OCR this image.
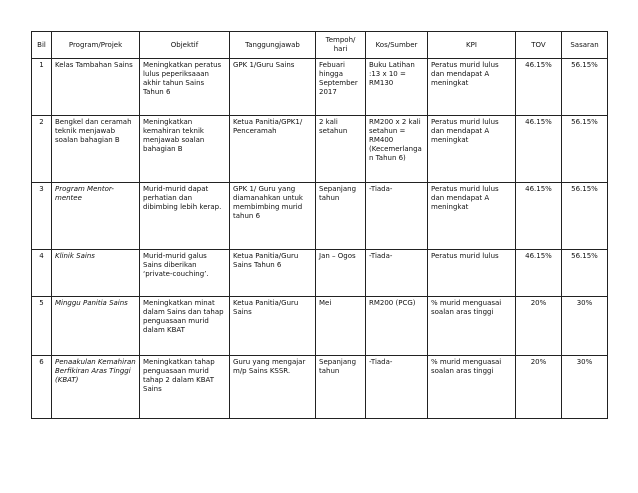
Bil	Program/Projek	Objektif	Tanggungjawab	Tempoh/ hari	Kos/Sumber	KPI	TOV	Sasaran
1	Kelas Tambahan Sains	Meningkatkan peratus lulus peperiksaaan akhir tahun Sains Tahun 6	GPK 1/Guru Sains	Febuari hingga September 2017	Buku Latihan :13 x 10 = RM130	Peratus murid lulus dan mendapat A meningkat	46.15%	56.15%
2	Bengkel dan ceramah teknik menjawab soalan bahagian B	Meningkatkan kemahiran teknik menjawab soalan bahagian B	Ketua Panitia/GPK1/ Penceramah	2 kali setahun	RM200 x 2 kali setahun = RM400 (Kecemerlanga n Tahun 6)	Peratus murid lulus dan mendapat A meningkat	46.15%	56.15%
3	Program Mentor-mentee	Murid-murid dapat perhatian dan dibimbing lebih kerap.	GPK 1/ Guru yang diamanahkan untuk membimbing murid tahun 6	Sepanjang tahun	-Tiada-	Peratus murid lulus dan mendapat A meningkat	46.15%	56.15%
4	Klinik Sains	Murid-murid galus Sains diberikan ‘private-couching’.	Ketua Panitia/Guru Sains Tahun 6	Jan – Ogos	-Tiada-	Peratus murid lulus	46.15%	56.15%
5	Minggu Panitia Sains	Meningkatkan minat dalam Sains dan tahap penguasaan murid dalam KBAT	Ketua Panitia/Guru Sains	Mei	RM200 (PCG)	% murid menguasai soalan aras tinggi	20%	30%
6	Penaakulan Kemahiran Berfikiran Aras Tinggi (KBAT)	Meningkatkan tahap penguasaan murid tahap 2 dalam KBAT Sains	Guru yang mengajar m/p Sains KSSR.	Sepanjang tahun	-Tiada-	% murid menguasai soalan aras tinggi	20%	30%
